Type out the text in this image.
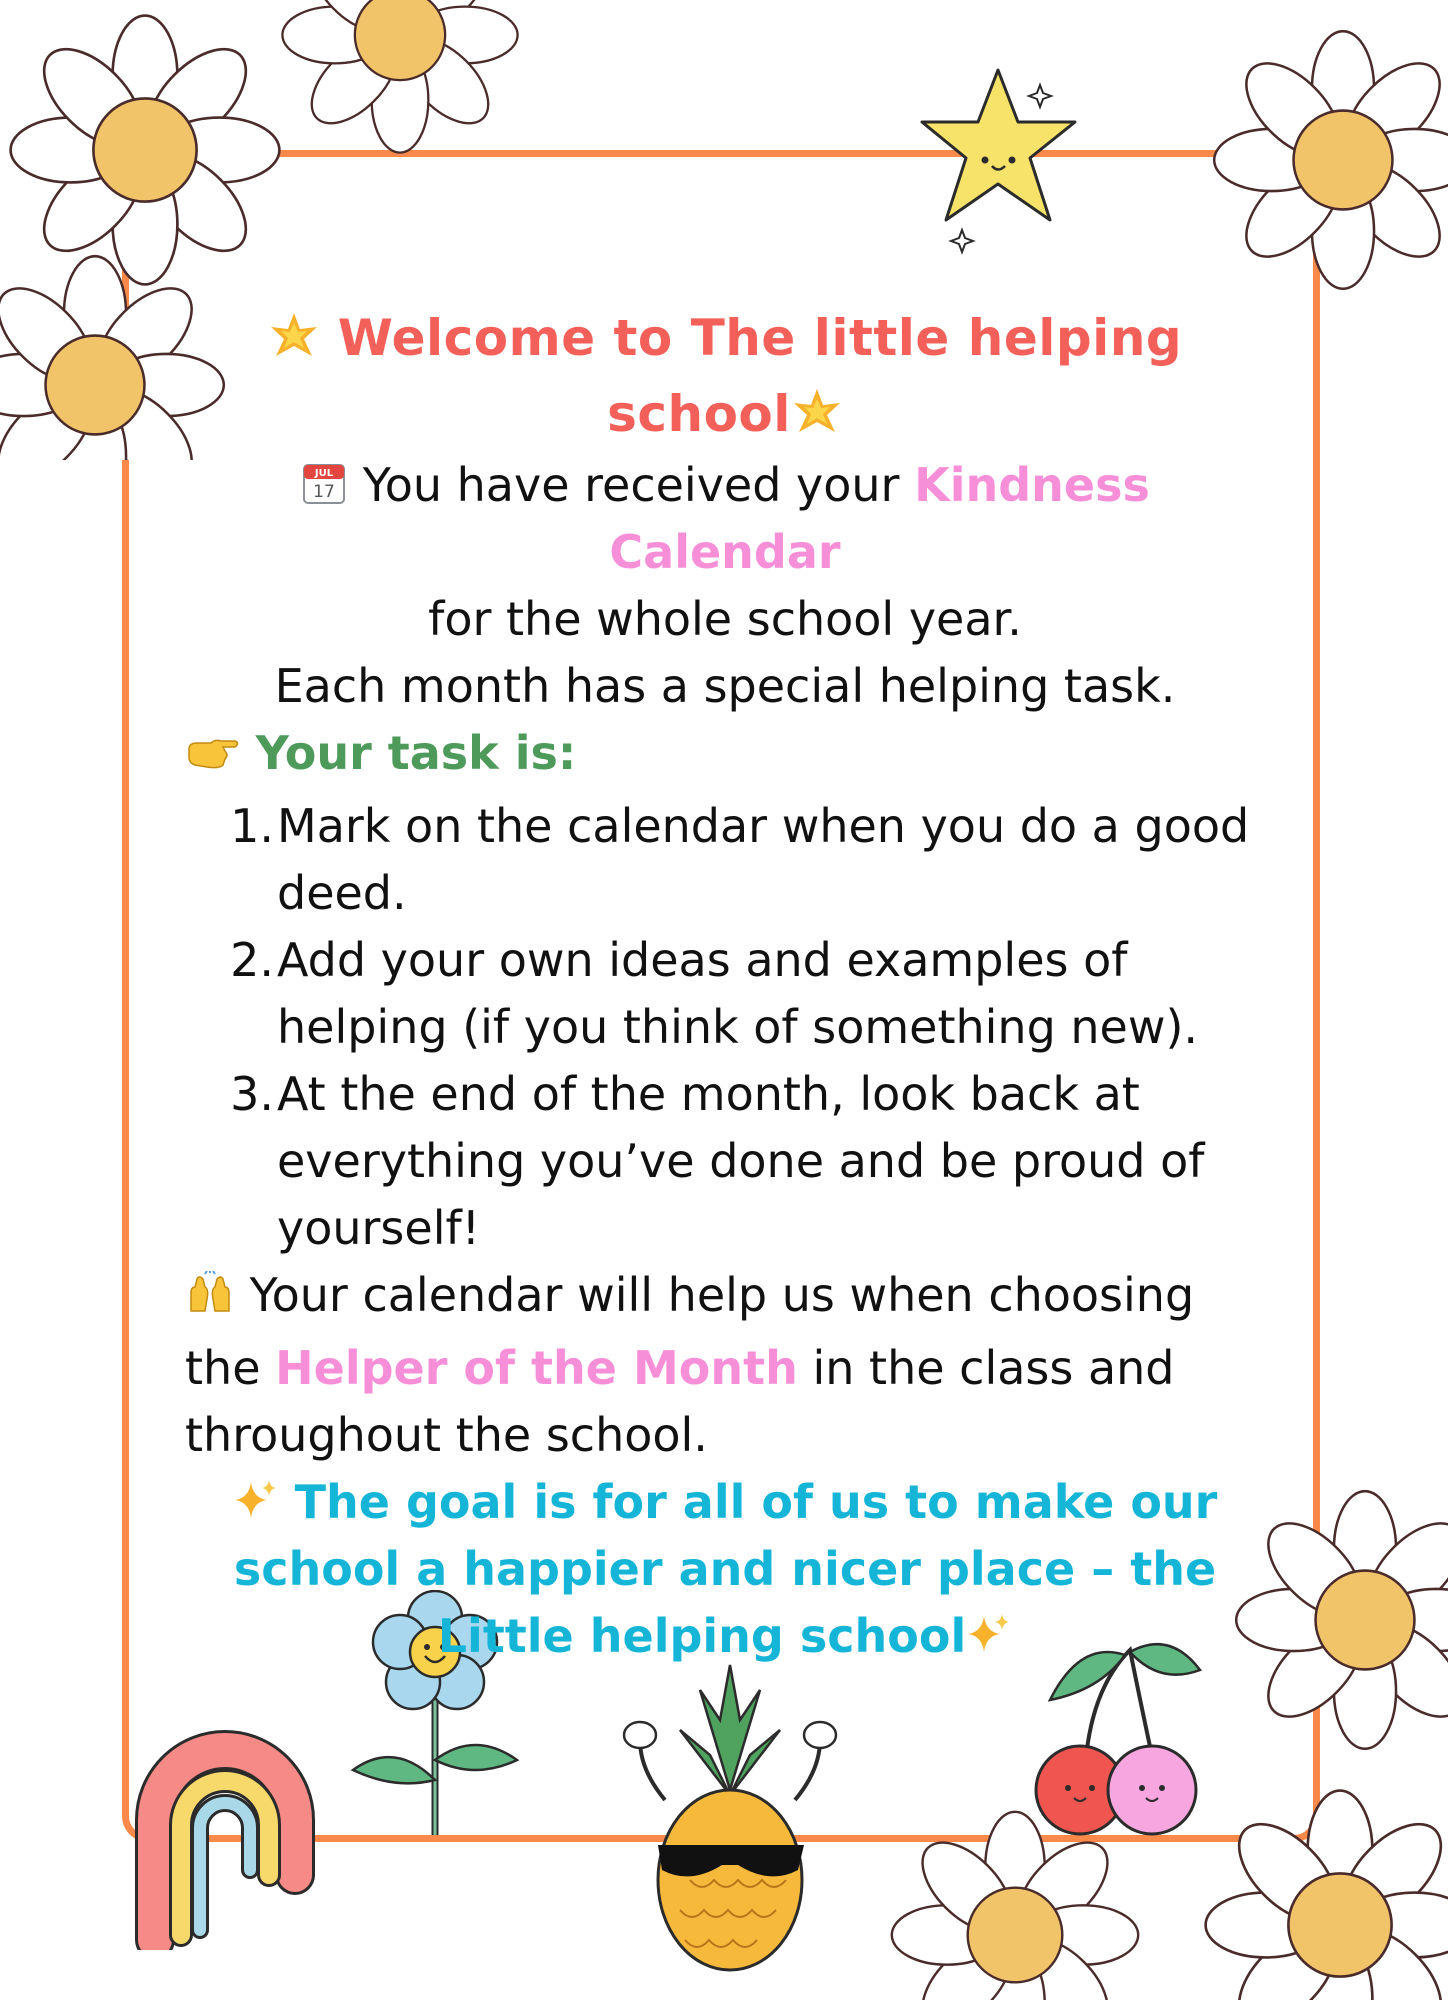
Welcome to The little helping
school
JUL
17 You have received your Kindness Calendar
for the whole school year.
Each month has a special helping task.
Your task is:
1. Mark on the calendar when you do a good deed.
2. Add your own ideas and examples of helping (if you think of something new).
3. At the end of the month, look back at everything you’ve done and be proud of yourself!
Your calendar will help us when choosing the Helper of the Month in the class and throughout the school.
The goal is for all of us to make our school a happier and nicer place – the Little helping school
